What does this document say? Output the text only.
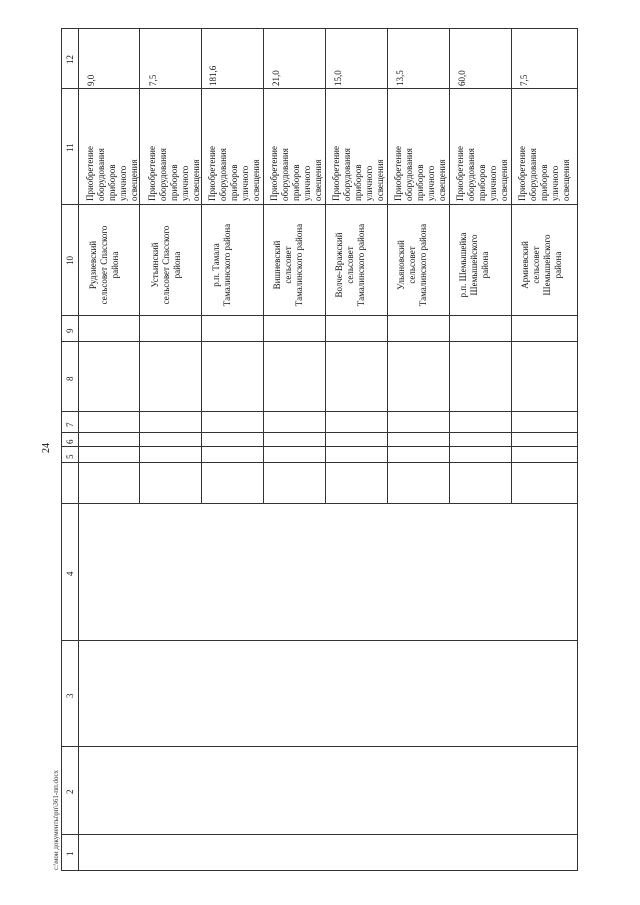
24
c:\мои документы\рп\361-пп.docx
12
11
10
9
8
7
6
5
4
3
2
1
9,0
Приобретение
оборудования
приборов
уличного
освещения
Рудзиевский
сельсовет Спасского
района
7,5
Приобретение
оборудования
приборов
уличного
освещения
Устьинский
сельсовет Спасского
района
181,6
Приобретение
оборудования
приборов
уличного
освещения
р.п. Тамала
Тамалинского района
21,0
Приобретение
оборудования
приборов
уличного
освещения
Вишневский
сельсовет
Тамалинского района
15,0
Приобретение
оборудования
приборов
уличного
освещения
Волче-Вражский
сельсовет
Тамалинского района
13,5
Приобретение
оборудования
приборов
уличного
освещения
Ульяновский
сельсовет
Тамалинского района
60,0
Приобретение
оборудования
приборов
уличного
освещения
р.п. Шемышейка
Шемышейского
района
7,5
Приобретение
оборудования
приборов
уличного
освещения
Армиевский
сельсовет
Шемышейского
района
